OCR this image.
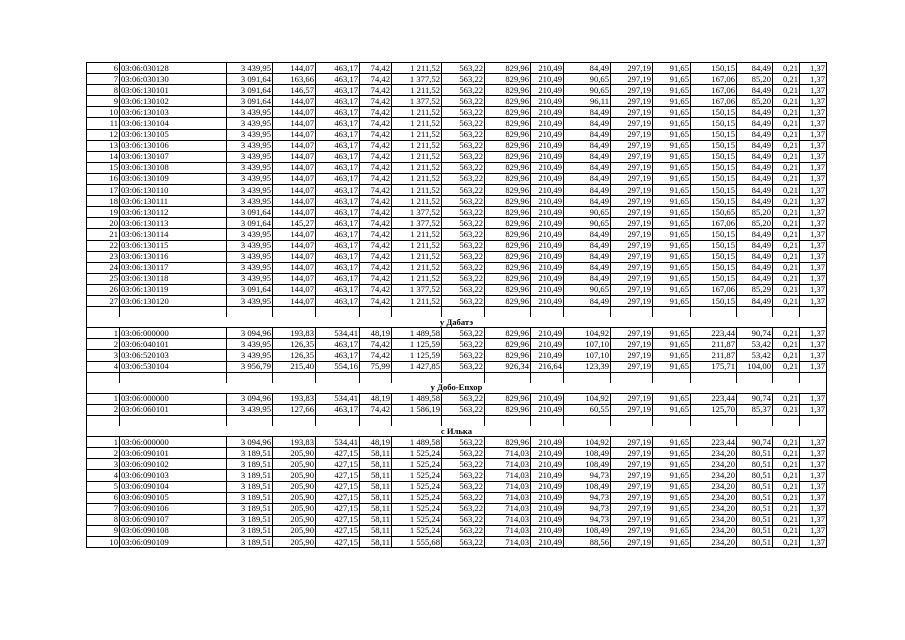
6	03:06:030128	3 439,95	144,07	463,17	74,42	1 211,52	563,22	829,96	210,49	84,49	297,19	91,65	150,15	84,49	0,21	1,37
7	03:06:030130	3 091,64	163,66	463,17	74,42	1 377,52	563,22	829,96	210,49	90,65	297,19	91,65	167,06	85,20	0,21	1,37
8	03:06:130101	3 091,64	146,57	463,17	74,42	1 211,52	563,22	829,96	210,49	90,65	297,19	91,65	167,06	84,49	0,21	1,37
9	03:06:130102	3 091,64	144,07	463,17	74,42	1 377,52	563,22	829,96	210,49	96,11	297,19	91,65	167,06	85,20	0,21	1,37
10	03:06:130103	3 439,95	144,07	463,17	74,42	1 211,52	563,22	829,96	210,49	84,49	297,19	91,65	150,15	84,49	0,21	1,37
11	03:06:130104	3 439,95	144,07	463,17	74,42	1 211,52	563,22	829,96	210,49	84,49	297,19	91,65	150,15	84,49	0,21	1,37
12	03:06:130105	3 439,95	144,07	463,17	74,42	1 211,52	563,22	829,96	210,49	84,49	297,19	91,65	150,15	84,49	0,21	1,37
13	03:06:130106	3 439,95	144,07	463,17	74,42	1 211,52	563,22	829,96	210,49	84,49	297,19	91,65	150,15	84,49	0,21	1,37
14	03:06:130107	3 439,95	144,07	463,17	74,42	1 211,52	563,22	829,96	210,49	84,49	297,19	91,65	150,15	84,49	0,21	1,37
15	03:06:130108	3 439,95	144,07	463,17	74,42	1 211,52	563,22	829,96	210,49	84,49	297,19	91,65	150,15	84,49	0,21	1,37
16	03:06:130109	3 439,95	144,07	463,17	74,42	1 211,52	563,22	829,96	210,49	84,49	297,19	91,65	150,15	84,49	0,21	1,37
17	03:06:130110	3 439,95	144,07	463,17	74,42	1 211,52	563,22	829,96	210,49	84,49	297,19	91,65	150,15	84,49	0,21	1,37
18	03:06:130111	3 439,95	144,07	463,17	74,42	1 211,52	563,22	829,96	210,49	84,49	297,19	91,65	150,15	84,49	0,21	1,37
19	03:06:130112	3 091,64	144,07	463,17	74,42	1 377,52	563,22	829,96	210,49	90,65	297,19	91,65	150,65	85,20	0,21	1,37
20	03:06:130113	3 091,64	145,27	463,17	74,42	1 377,52	563,22	829,96	210,49	90,65	297,19	91,65	167,06	85,20	0,21	1,37
21	03:06:130114	3 439,95	144,07	463,17	74,42	1 211,52	563,22	829,96	210,49	84,49	297,19	91,65	150,15	84,49	0,21	1,37
22	03:06:130115	3 439,95	144,07	463,17	74,42	1 211,52	563,22	829,96	210,49	84,49	297,19	91,65	150,15	84,49	0,21	1,37
23	03:06:130116	3 439,95	144,07	463,17	74,42	1 211,52	563,22	829,96	210,49	84,49	297,19	91,65	150,15	84,49	0,21	1,37
24	03:06:130117	3 439,95	144,07	463,17	74,42	1 211,52	563,22	829,96	210,49	84,49	297,19	91,65	150,15	84,49	0,21	1,37
25	03:06:130118	3 439,95	144,07	463,17	74,42	1 211,52	563,22	829,96	210,49	84,49	297,19	91,65	150,15	84,49	0,21	1,37
26	03:06:130119	3 091,64	144,07	463,17	74,42	1 377,52	563,22	829,96	210,49	90,65	297,19	91,65	167,06	85,29	0,21	1,37
27	03:06:130120	3 439,95	144,07	463,17	74,42	1 211,52	563,22	829,96	210,49	84,49	297,19	91,65	150,15	84,49	0,21	1,37

у Дабатэ																
1	03:06:000000	3 094,96	193,83	534,41	48,19	1 489,58	563,22	829,96	210,49	104,92	297,19	91,65	223,44	90,74	0,21	1,37
2	03:06:040101	3 439,95	126,35	463,17	74,42	1 125,59	563,22	829,96	210,49	107,10	297,19	91,65	211,87	53,42	0,21	1,37
3	03:06:520103	3 439,95	126,35	463,17	74,42	1 125,59	563,22	829,96	210,49	107,10	297,19	91,65	211,87	53,42	0,21	1,37
4	03:06:530104	3 956,79	215,40	554,16	75,99	1 427,85	563,22	926,34	216,64	123,39	297,19	91,65	175,71	104,00	0,21	1,37

у Добо-Епхор																
1	03:06:000000	3 094,96	193,83	534,41	48,19	1 489,58	563,22	829,96	210,49	104,92	297,19	91,65	223,44	90,74	0,21	1,37
2	03:06:060101	3 439,95	127,66	463,17	74,42	1 586,19	563,22	829,96	210,49	60,55	297,19	91,65	125,70	85,37	0,21	1,37

с Илька																
1	03:06:000000	3 094,96	193,83	534,41	48,19	1 489,58	563,22	829,96	210,49	104,92	297,19	91,65	223,44	90,74	0,21	1,37
2	03:06:090101	3 189,51	205,90	427,15	58,11	1 525,24	563,22	714,03	210,49	108,49	297,19	91,65	234,20	80,51	0,21	1,37
3	03:06:090102	3 189,51	205,90	427,15	58,11	1 525,24	563,22	714,03	210,49	108,49	297,19	91,65	234,20	80,51	0,21	1,37
4	03:06:090103	3 189,51	205,90	427,15	58,11	1 525,24	563,22	714,03	210,49	94,73	297,19	91,65	234,20	80,51	0,21	1,37
5	03:06:090104	3 189,51	205,90	427,15	58,11	1 525,24	563,22	714,03	210,49	108,49	297,19	91,65	234,20	80,51	0,21	1,37
6	03:06:090105	3 189,51	205,90	427,15	58,11	1 525,24	563,22	714,03	210,49	94,73	297,19	91,65	234,20	80,51	0,21	1,37
7	03:06:090106	3 189,51	205,90	427,15	58,11	1 525,24	563,22	714,03	210,49	94,73	297,19	91,65	234,20	80,51	0,21	1,37
8	03:06:090107	3 189,51	205,90	427,15	58,11	1 525,24	563,22	714,03	210,49	94,73	297,19	91,65	234,20	80,51	0,21	1,37
9	03:06:090108	3 189,51	205,90	427,15	58,11	1 525,24	563,22	714,03	210,49	108,49	297,19	91,65	234,20	80,51	0,21	1,37
10	03:06:090109	3 189,51	205,90	427,15	58,11	1 555,68	563,22	714,03	210,49	88,56	297,19	91,65	234,20	80,51	0,21	1,37
